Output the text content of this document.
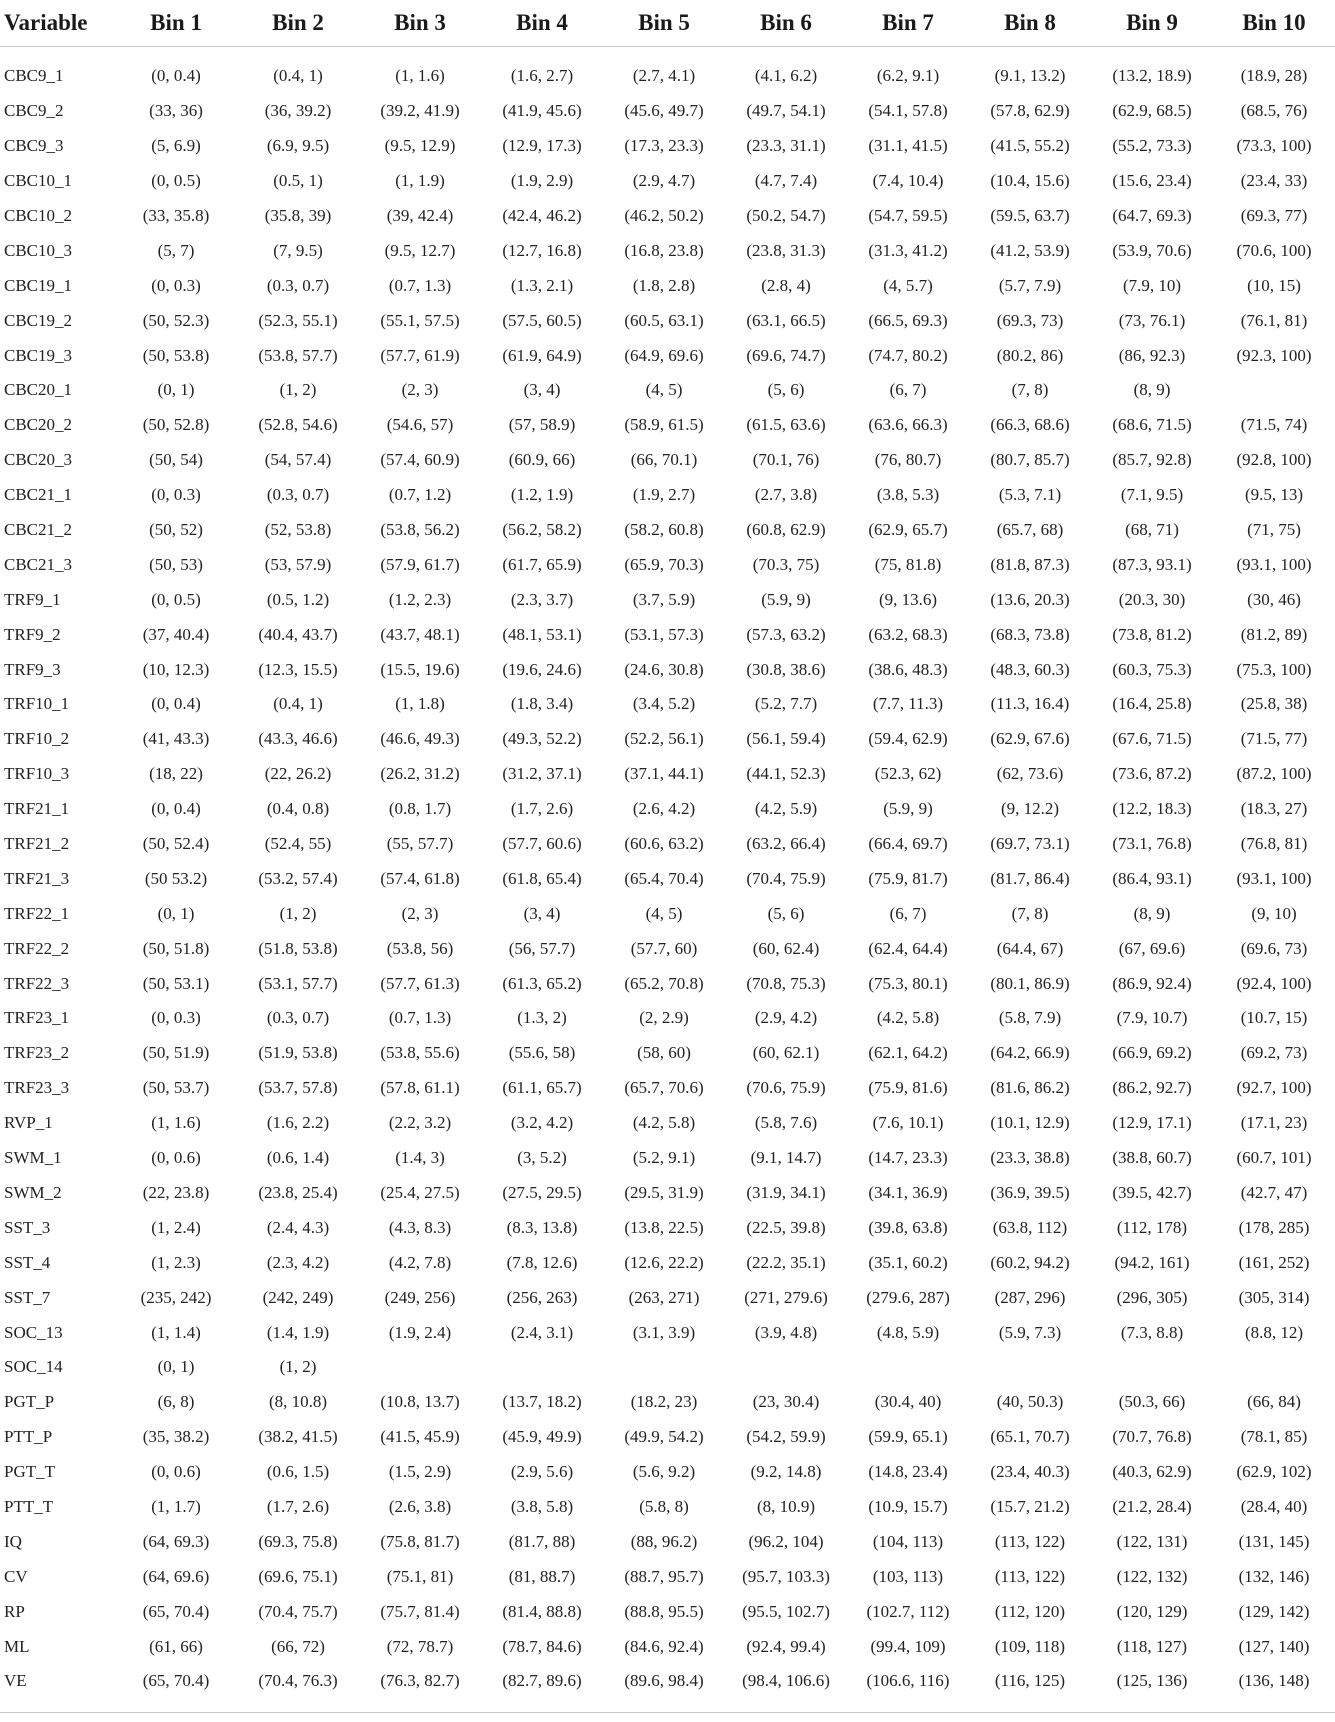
Variable	Bin 1	Bin 2	Bin 3	Bin 4	Bin 5	Bin 6	Bin 7	Bin 8	Bin 9	Bin 10

CBC9_1	(0, 0.4)	(0.4, 1)	(1, 1.6)	(1.6, 2.7)	(2.7, 4.1)	(4.1, 6.2)	(6.2, 9.1)	(9.1, 13.2)	(13.2, 18.9)	(18.9, 28)
CBC9_2	(33, 36)	(36, 39.2)	(39.2, 41.9)	(41.9, 45.6)	(45.6, 49.7)	(49.7, 54.1)	(54.1, 57.8)	(57.8, 62.9)	(62.9, 68.5)	(68.5, 76)
CBC9_3	(5, 6.9)	(6.9, 9.5)	(9.5, 12.9)	(12.9, 17.3)	(17.3, 23.3)	(23.3, 31.1)	(31.1, 41.5)	(41.5, 55.2)	(55.2, 73.3)	(73.3, 100)
CBC10_1	(0, 0.5)	(0.5, 1)	(1, 1.9)	(1.9, 2.9)	(2.9, 4.7)	(4.7, 7.4)	(7.4, 10.4)	(10.4, 15.6)	(15.6, 23.4)	(23.4, 33)
CBC10_2	(33, 35.8)	(35.8, 39)	(39, 42.4)	(42.4, 46.2)	(46.2, 50.2)	(50.2, 54.7)	(54.7, 59.5)	(59.5, 63.7)	(64.7, 69.3)	(69.3, 77)
CBC10_3	(5, 7)	(7, 9.5)	(9.5, 12.7)	(12.7, 16.8)	(16.8, 23.8)	(23.8, 31.3)	(31.3, 41.2)	(41.2, 53.9)	(53.9, 70.6)	(70.6, 100)
CBC19_1	(0, 0.3)	(0.3, 0.7)	(0.7, 1.3)	(1.3, 2.1)	(1.8, 2.8)	(2.8, 4)	(4, 5.7)	(5.7, 7.9)	(7.9, 10)	(10, 15)
CBC19_2	(50, 52.3)	(52.3, 55.1)	(55.1, 57.5)	(57.5, 60.5)	(60.5, 63.1)	(63.1, 66.5)	(66.5, 69.3)	(69.3, 73)	(73, 76.1)	(76.1, 81)
CBC19_3	(50, 53.8)	(53.8, 57.7)	(57.7, 61.9)	(61.9, 64.9)	(64.9, 69.6)	(69.6, 74.7)	(74.7, 80.2)	(80.2, 86)	(86, 92.3)	(92.3, 100)
CBC20_1	(0, 1)	(1, 2)	(2, 3)	(3, 4)	(4, 5)	(5, 6)	(6, 7)	(7, 8)	(8, 9)	
CBC20_2	(50, 52.8)	(52.8, 54.6)	(54.6, 57)	(57, 58.9)	(58.9, 61.5)	(61.5, 63.6)	(63.6, 66.3)	(66.3, 68.6)	(68.6, 71.5)	(71.5, 74)
CBC20_3	(50, 54)	(54, 57.4)	(57.4, 60.9)	(60.9, 66)	(66, 70.1)	(70.1, 76)	(76, 80.7)	(80.7, 85.7)	(85.7, 92.8)	(92.8, 100)
CBC21_1	(0, 0.3)	(0.3, 0.7)	(0.7, 1.2)	(1.2, 1.9)	(1.9, 2.7)	(2.7, 3.8)	(3.8, 5.3)	(5.3, 7.1)	(7.1, 9.5)	(9.5, 13)
CBC21_2	(50, 52)	(52, 53.8)	(53.8, 56.2)	(56.2, 58.2)	(58.2, 60.8)	(60.8, 62.9)	(62.9, 65.7)	(65.7, 68)	(68, 71)	(71, 75)
CBC21_3	(50, 53)	(53, 57.9)	(57.9, 61.7)	(61.7, 65.9)	(65.9, 70.3)	(70.3, 75)	(75, 81.8)	(81.8, 87.3)	(87.3, 93.1)	(93.1, 100)
TRF9_1	(0, 0.5)	(0.5, 1.2)	(1.2, 2.3)	(2.3, 3.7)	(3.7, 5.9)	(5.9, 9)	(9, 13.6)	(13.6, 20.3)	(20.3, 30)	(30, 46)
TRF9_2	(37, 40.4)	(40.4, 43.7)	(43.7, 48.1)	(48.1, 53.1)	(53.1, 57.3)	(57.3, 63.2)	(63.2, 68.3)	(68.3, 73.8)	(73.8, 81.2)	(81.2, 89)
TRF9_3	(10, 12.3)	(12.3, 15.5)	(15.5, 19.6)	(19.6, 24.6)	(24.6, 30.8)	(30.8, 38.6)	(38.6, 48.3)	(48.3, 60.3)	(60.3, 75.3)	(75.3, 100)
TRF10_1	(0, 0.4)	(0.4, 1)	(1, 1.8)	(1.8, 3.4)	(3.4, 5.2)	(5.2, 7.7)	(7.7, 11.3)	(11.3, 16.4)	(16.4, 25.8)	(25.8, 38)
TRF10_2	(41, 43.3)	(43.3, 46.6)	(46.6, 49.3)	(49.3, 52.2)	(52.2, 56.1)	(56.1, 59.4)	(59.4, 62.9)	(62.9, 67.6)	(67.6, 71.5)	(71.5, 77)
TRF10_3	(18, 22)	(22, 26.2)	(26.2, 31.2)	(31.2, 37.1)	(37.1, 44.1)	(44.1, 52.3)	(52.3, 62)	(62, 73.6)	(73.6, 87.2)	(87.2, 100)
TRF21_1	(0, 0.4)	(0.4, 0.8)	(0.8, 1.7)	(1.7, 2.6)	(2.6, 4.2)	(4.2, 5.9)	(5.9, 9)	(9, 12.2)	(12.2, 18.3)	(18.3, 27)
TRF21_2	(50, 52.4)	(52.4, 55)	(55, 57.7)	(57.7, 60.6)	(60.6, 63.2)	(63.2, 66.4)	(66.4, 69.7)	(69.7, 73.1)	(73.1, 76.8)	(76.8, 81)
TRF21_3	(50 53.2)	(53.2, 57.4)	(57.4, 61.8)	(61.8, 65.4)	(65.4, 70.4)	(70.4, 75.9)	(75.9, 81.7)	(81.7, 86.4)	(86.4, 93.1)	(93.1, 100)
TRF22_1	(0, 1)	(1, 2)	(2, 3)	(3, 4)	(4, 5)	(5, 6)	(6, 7)	(7, 8)	(8, 9)	(9, 10)
TRF22_2	(50, 51.8)	(51.8, 53.8)	(53.8, 56)	(56, 57.7)	(57.7, 60)	(60, 62.4)	(62.4, 64.4)	(64.4, 67)	(67, 69.6)	(69.6, 73)
TRF22_3	(50, 53.1)	(53.1, 57.7)	(57.7, 61.3)	(61.3, 65.2)	(65.2, 70.8)	(70.8, 75.3)	(75.3, 80.1)	(80.1, 86.9)	(86.9, 92.4)	(92.4, 100)
TRF23_1	(0, 0.3)	(0.3, 0.7)	(0.7, 1.3)	(1.3, 2)	(2, 2.9)	(2.9, 4.2)	(4.2, 5.8)	(5.8, 7.9)	(7.9, 10.7)	(10.7, 15)
TRF23_2	(50, 51.9)	(51.9, 53.8)	(53.8, 55.6)	(55.6, 58)	(58, 60)	(60, 62.1)	(62.1, 64.2)	(64.2, 66.9)	(66.9, 69.2)	(69.2, 73)
TRF23_3	(50, 53.7)	(53.7, 57.8)	(57.8, 61.1)	(61.1, 65.7)	(65.7, 70.6)	(70.6, 75.9)	(75.9, 81.6)	(81.6, 86.2)	(86.2, 92.7)	(92.7, 100)
RVP_1	(1, 1.6)	(1.6, 2.2)	(2.2, 3.2)	(3.2, 4.2)	(4.2, 5.8)	(5.8, 7.6)	(7.6, 10.1)	(10.1, 12.9)	(12.9, 17.1)	(17.1, 23)
SWM_1	(0, 0.6)	(0.6, 1.4)	(1.4, 3)	(3, 5.2)	(5.2, 9.1)	(9.1, 14.7)	(14.7, 23.3)	(23.3, 38.8)	(38.8, 60.7)	(60.7, 101)
SWM_2	(22, 23.8)	(23.8, 25.4)	(25.4, 27.5)	(27.5, 29.5)	(29.5, 31.9)	(31.9, 34.1)	(34.1, 36.9)	(36.9, 39.5)	(39.5, 42.7)	(42.7, 47)
SST_3	(1, 2.4)	(2.4, 4.3)	(4.3, 8.3)	(8.3, 13.8)	(13.8, 22.5)	(22.5, 39.8)	(39.8, 63.8)	(63.8, 112)	(112, 178)	(178, 285)
SST_4	(1, 2.3)	(2.3, 4.2)	(4.2, 7.8)	(7.8, 12.6)	(12.6, 22.2)	(22.2, 35.1)	(35.1, 60.2)	(60.2, 94.2)	(94.2, 161)	(161, 252)
SST_7	(235, 242)	(242, 249)	(249, 256)	(256, 263)	(263, 271)	(271, 279.6)	(279.6, 287)	(287, 296)	(296, 305)	(305, 314)
SOC_13	(1, 1.4)	(1.4, 1.9)	(1.9, 2.4)	(2.4, 3.1)	(3.1, 3.9)	(3.9, 4.8)	(4.8, 5.9)	(5.9, 7.3)	(7.3, 8.8)	(8.8, 12)
SOC_14	(0, 1)	(1, 2)								
PGT_P	(6, 8)	(8, 10.8)	(10.8, 13.7)	(13.7, 18.2)	(18.2, 23)	(23, 30.4)	(30.4, 40)	(40, 50.3)	(50.3, 66)	(66, 84)
PTT_P	(35, 38.2)	(38.2, 41.5)	(41.5, 45.9)	(45.9, 49.9)	(49.9, 54.2)	(54.2, 59.9)	(59.9, 65.1)	(65.1, 70.7)	(70.7, 76.8)	(78.1, 85)
PGT_T	(0, 0.6)	(0.6, 1.5)	(1.5, 2.9)	(2.9, 5.6)	(5.6, 9.2)	(9.2, 14.8)	(14.8, 23.4)	(23.4, 40.3)	(40.3, 62.9)	(62.9, 102)
PTT_T	(1, 1.7)	(1.7, 2.6)	(2.6, 3.8)	(3.8, 5.8)	(5.8, 8)	(8, 10.9)	(10.9, 15.7)	(15.7, 21.2)	(21.2, 28.4)	(28.4, 40)
IQ	(64, 69.3)	(69.3, 75.8)	(75.8, 81.7)	(81.7, 88)	(88, 96.2)	(96.2, 104)	(104, 113)	(113, 122)	(122, 131)	(131, 145)
CV	(64, 69.6)	(69.6, 75.1)	(75.1, 81)	(81, 88.7)	(88.7, 95.7)	(95.7, 103.3)	(103, 113)	(113, 122)	(122, 132)	(132, 146)
RP	(65, 70.4)	(70.4, 75.7)	(75.7, 81.4)	(81.4, 88.8)	(88.8, 95.5)	(95.5, 102.7)	(102.7, 112)	(112, 120)	(120, 129)	(129, 142)
ML	(61, 66)	(66, 72)	(72, 78.7)	(78.7, 84.6)	(84.6, 92.4)	(92.4, 99.4)	(99.4, 109)	(109, 118)	(118, 127)	(127, 140)
VE	(65, 70.4)	(70.4, 76.3)	(76.3, 82.7)	(82.7, 89.6)	(89.6, 98.4)	(98.4, 106.6)	(106.6, 116)	(116, 125)	(125, 136)	(136, 148)
